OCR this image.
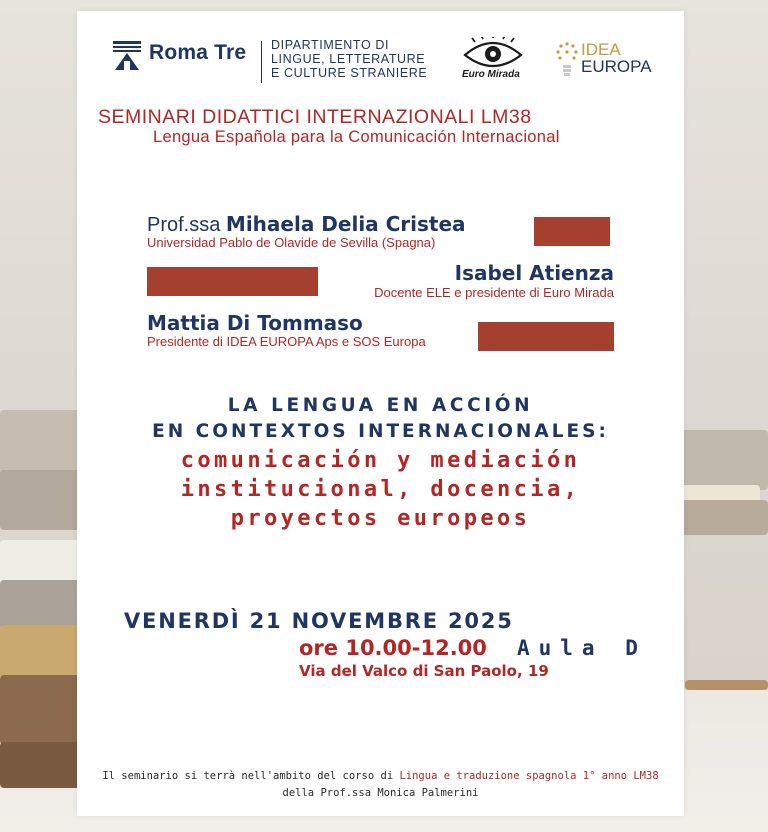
Roma Tre DIPARTIMENTO DI
LINGUE, LETTERATURE
E CULTURE STRANIERE	Euro Mirada
IDEA
EUROPA
SEMINARI DIDATTICI INTERNAZIONALI LM38
Lengua Española para la Comunicación Internacional
Prof.ssa Mihaela Delia Cristea
Universidad Pablo de Olavide de Sevilla (Spagna)
Isabel Atienza
Docente ELE e presidente di Euro Mirada
Mattia Di Tommaso
Presidente di IDEA EUROPA Aps e SOS Europa
LA LENGUA EN ACCIÓN
EN CONTEXTOS INTERNACIONALES:
comunicación y mediación
institucional, docencia,
proyectos europeos
VENERDÌ 21 NOVEMBRE 2025
ore 10.00-12.00 Aula D
Via del Valco di San Paolo, 19
Il seminario si terrà nell'ambito del corso di Lingua e traduzione spagnola 1° anno LM38
della Prof.ssa Monica Palmerini
